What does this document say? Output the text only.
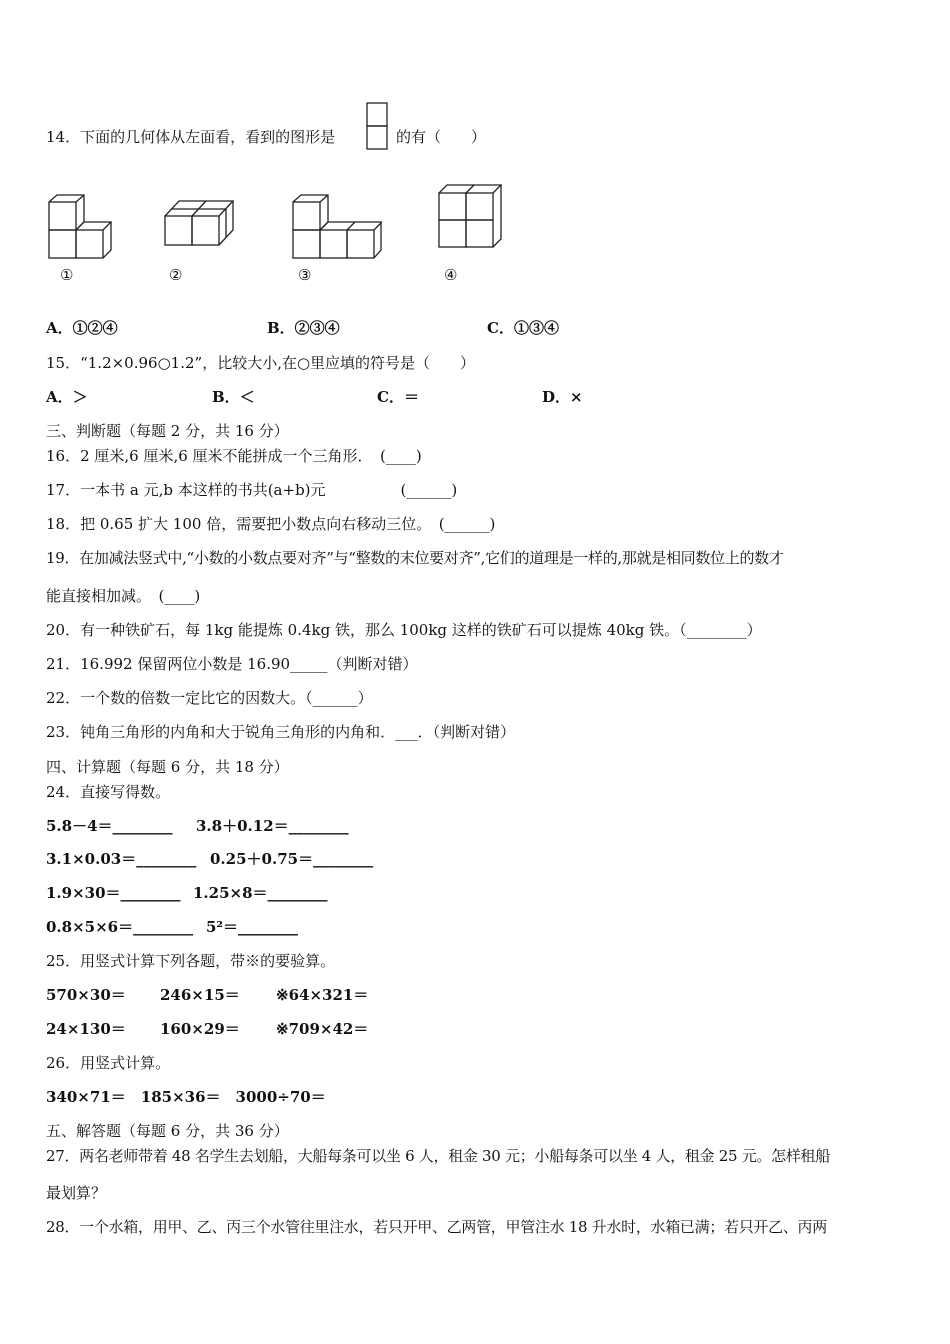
14．下面的几何体从左面看，看到的图形是	的有（　　）
①	②	③	④
A．①②④	B．②③④	C．①③④
15．“1.2×0.96○1.2”，比较大小,在○里应填的符号是（　　）
A．＞	B．＜	C．＝	D．×
三、判断题（每题 2 分，共 16 分）
16．2 厘米,6 厘米,6 厘米不能拼成一个三角形．　(____)
17．一本书 a 元,b 本这样的书共(a+b)元　　　　　(______)
18．把 0.65 扩大 100 倍，需要把小数点向右移动三位。　(______)
19．在加减法竖式中,“小数的小数点要对齐”与“整数的末位要对齐”,它们的道理是一样的,那就是相同数位上的数才
能直接相加减。　(____)
20．有一种铁矿石，每 1kg 能提炼 0.4kg 铁，那么 100kg 这样的铁矿石可以提炼 40kg 铁。（________）
21．16.992 保留两位小数是 16.90_____（判断对错）
22．一个数的倍数一定比它的因数大。（______）
23．钝角三角形的内角和大于锐角三角形的内角和．___．（判断对错）
四、计算题（每题 6 分，共 18 分）
24．直接写得数。
5.8－4＝________ 3.8＋0.12＝________
3.1×0.03＝________ 0.25＋0.75＝________
1.9×30＝________ 1.25×8＝________
0.8×5×6＝________ 5²＝________
25．用竖式计算下列各题，带※的要验算。
570×30＝ 246×15＝ ※64×321＝
24×130＝ 160×29＝ ※709×42＝
26．用竖式计算。
340×71＝　185×36＝　3000÷70＝
五、解答题（每题 6 分，共 36 分）
27．两名老师带着 48 名学生去划船，大船每条可以坐 6 人，租金 30 元；小船每条可以坐 4 人，租金 25 元。怎样租船
最划算？
28．一个水箱，用甲、乙、丙三个水管往里注水，若只开甲、乙两管，甲管注水 18 升水时，水箱已满；若只开乙、丙两
